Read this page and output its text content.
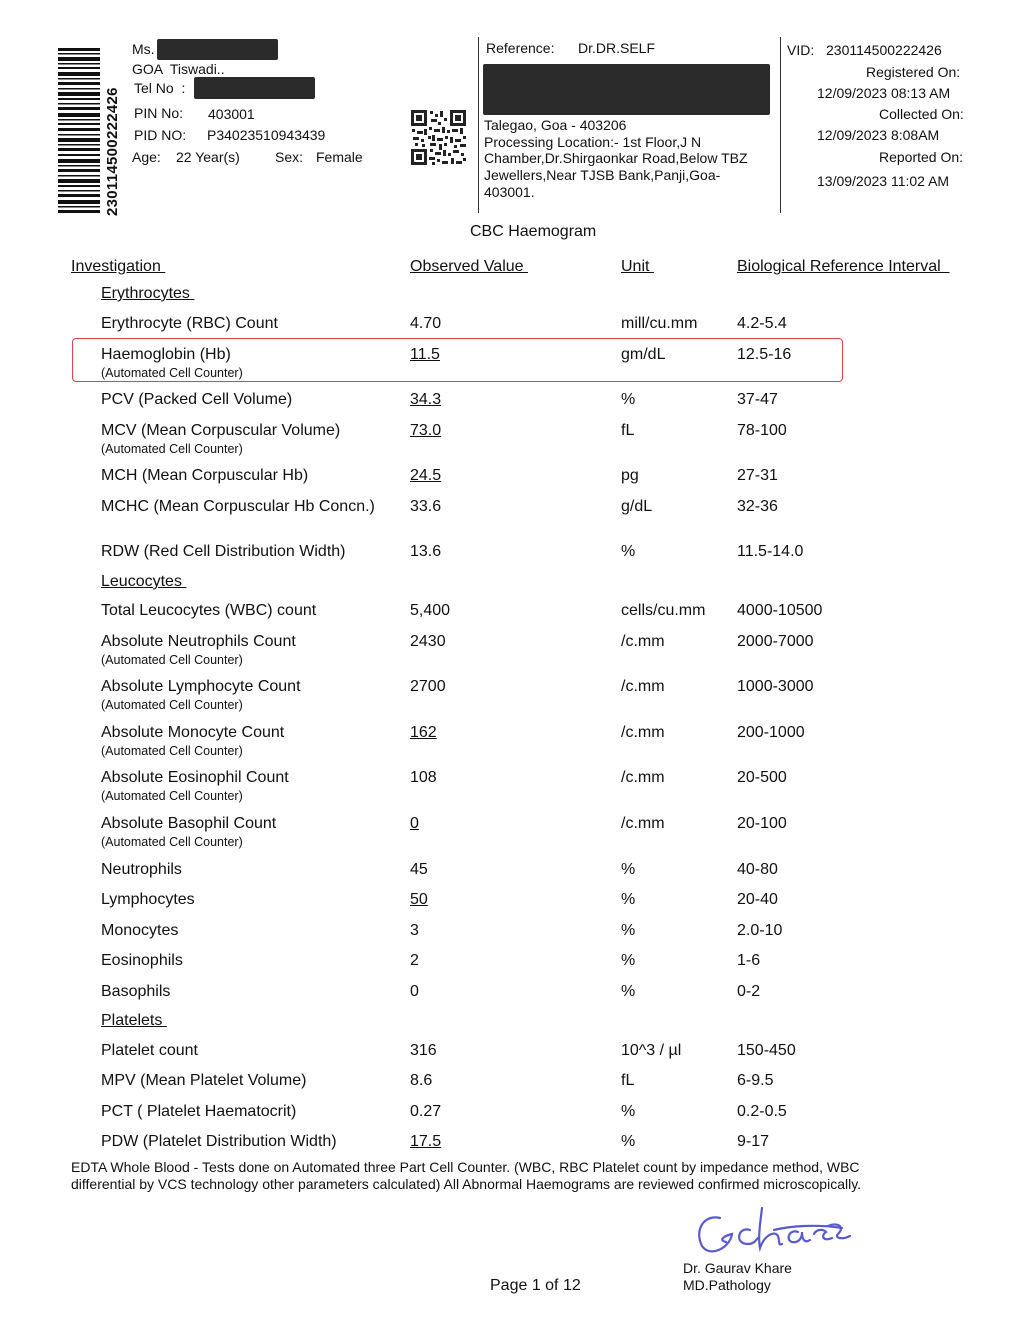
230114500222426
Ms.
GOA  Tiswadi..
Tel No  :
PIN No: 403001
PID NO: P34023510943439
Age: 22 Year(s)	Sex: Female
Reference: Dr.DR.SELF
Talegao, Goa - 403206
Processing Location:- 1st Floor,J N
Chamber,Dr.Shirgaonkar Road,Below TBZ
Jewellers,Near TJSB Bank,Panji,Goa-
403001.
VID: 230114500222426
Registered On:
12/09/2023 08:13 AM
Collected On:
12/09/2023 8:08AM
Reported On:
13/09/2023 11:02 AM
CBC Haemogram
Investigation	Observed Value	Unit	Biological Reference Interval
Erythrocytes
Leucocytes
Platelets
Erythrocyte (RBC) Count	4.70	mill/cu.mm 4.2-5.4
Haemoglobin (Hb)
(Automated Cell Counter)
11.5	gm/dL	12.5-16
PCV (Packed Cell Volume)	34.3	%	37-47
MCV (Mean Corpuscular Volume)
(Automated Cell Counter)
73.0	fL	78-100
MCH (Mean Corpuscular Hb)	24.5	pg	27-31
MCHC (Mean Corpuscular Hb Concn.) 33.6	g/dL	32-36
RDW (Red Cell Distribution Width)	13.6	%	11.5-14.0
Total Leucocytes (WBC) count	5,400	cells/cu.mm 4000-10500
Absolute Neutrophils Count
(Automated Cell Counter)
2430	/c.mm	2000-7000
Absolute Lymphocyte Count
(Automated Cell Counter)
2700	/c.mm	1000-3000
Absolute Monocyte Count
(Automated Cell Counter)
162	/c.mm	200-1000
Absolute Eosinophil Count
(Automated Cell Counter)
108	/c.mm	20-500
Absolute Basophil Count
(Automated Cell Counter)
0	/c.mm	20-100
Neutrophils	45	%	40-80
Lymphocytes	50	%	20-40
Monocytes	3	%	2.0-10
Eosinophils	2	%	1-6
Basophils	0	%	0-2
Platelet count	316	10^3 / µl	150-450
MPV (Mean Platelet Volume)	8.6	fL	6-9.5
PCT ( Platelet Haematocrit)	0.27	%	0.2-0.5
PDW (Platelet Distribution Width)	17.5	%	9-17
EDTA Whole Blood - Tests done on Automated three Part Cell Counter. (WBC, RBC Platelet count by impedance method, WBC
differential by VCS technology other parameters calculated) All Abnormal Haemograms are reviewed confirmed microscopically.
Dr. Gaurav Khare
MD.Pathology
Page 1 of 12
